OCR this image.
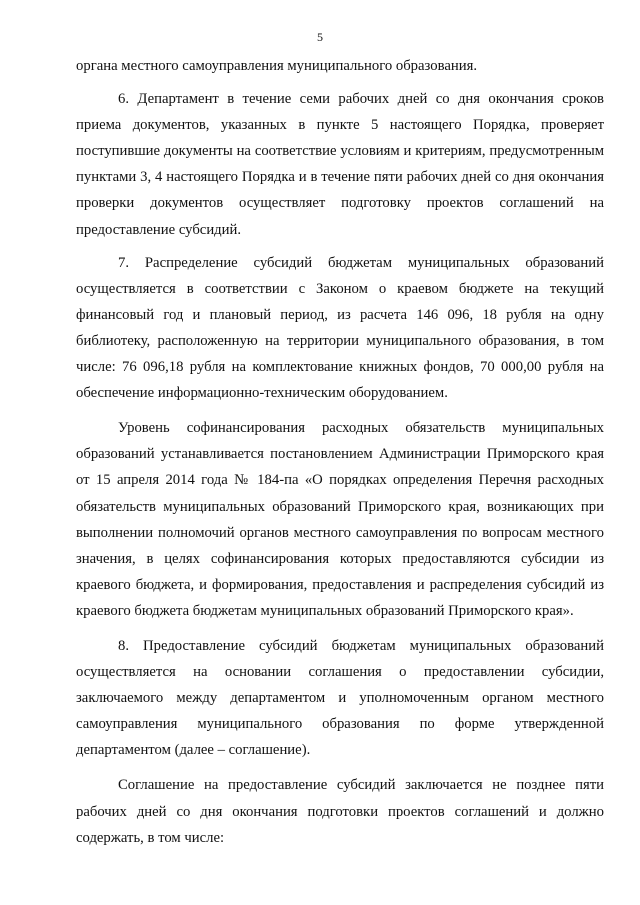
5

органа местного самоуправления муниципального образования.

6. Департамент в течение семи рабочих дней со дня окончания сроков приема документов, указанных в пункте 5 настоящего Порядка, проверяет поступившие документы на соответствие условиям и критериям, предусмотренным пунктами 3, 4 настоящего Порядка и в течение пяти рабочих дней со дня окончания проверки документов осуществляет подготовку проектов соглашений на предоставление субсидий.

7. Распределение субсидий бюджетам муниципальных образований осуществляется в соответствии с Законом о краевом бюджете на текущий финансовый год и плановый период, из расчета 146 096, 18 рубля на одну библиотеку, расположенную на территории муниципального образования, в том числе: 76 096,18 рубля на комплектование книжных фондов, 70 000,00 рубля на обеспечение информационно-техническим оборудованием.

Уровень софинансирования расходных обязательств муниципальных образований устанавливается постановлением Администрации Приморского края от 15 апреля 2014 года № 184-па «О порядках определения Перечня расходных обязательств муниципальных образований Приморского края, возникающих при выполнении полномочий органов местного самоуправления по вопросам местного значения, в целях софинансирования которых предоставляются субсидии из краевого бюджета, и формирования, предоставления и распределения субсидий из краевого бюджета бюджетам муниципальных образований Приморского края».

8. Предоставление субсидий бюджетам муниципальных образований осуществляется на основании соглашения о предоставлении субсидии, заключаемого между департаментом и уполномоченным органом местного самоуправления муниципального образования по форме утвержденной департаментом (далее – соглашение).

Соглашение на предоставление субсидий заключается не позднее пяти рабочих дней со дня окончания подготовки проектов соглашений и должно содержать, в том числе:
